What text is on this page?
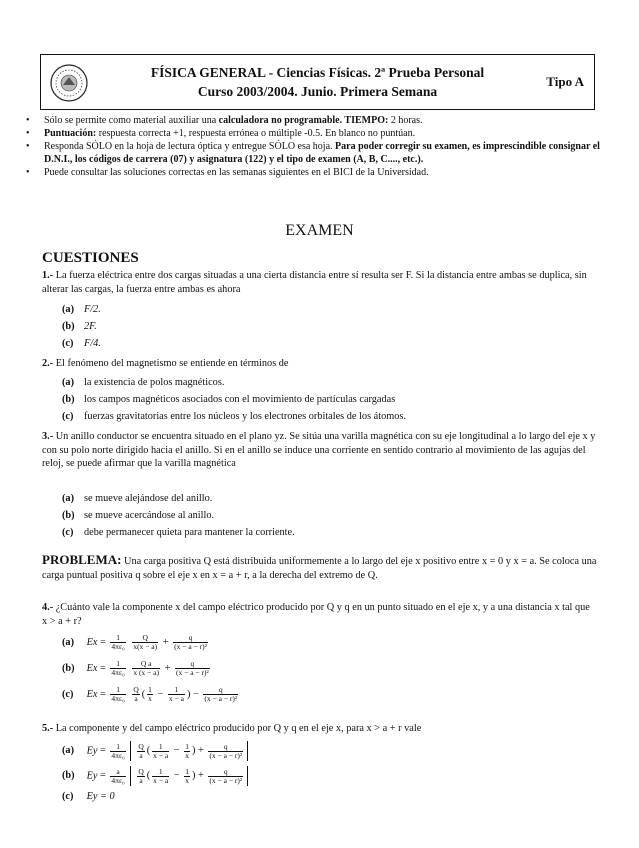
FÍSICA GENERAL - Ciencias Físicas. 2ª Prueba Personal
Curso 2003/2004. Junio. Primera Semana
Tipo A
• Sólo se permite como material auxiliar una calculadora no programable. TIEMPO: 2 horas.
• Puntuación: respuesta correcta +1, respuesta errónea o múltiple -0.5. En blanco no puntúan.
• Responda SÓLO en la hoja de lectura óptica y entregue SÓLO esa hoja. Para poder corregir su examen, es imprescindible consignar el D.N.I., los códigos de carrera (07) y asignatura (122) y el tipo de examen (A, B, C...., etc.).
• Puede consultar las soluciones correctas en las semanas siguientes en el BICI de la Universidad.
EXAMEN
CUESTIONES
1.- La fuerza eléctrica entre dos cargas situadas a una cierta distancia entre sí resulta ser F. Si la distancia entre ambas se duplica, sin alterar las cargas, la fuerza entre ambas es ahora
(a) F/2.
(b) 2F.
(c) F/4.
2.- El fenómeno del magnetismo se entiende en términos de
(a) la existencia de polos magnéticos.
(b) los campos magnéticos asociados con el movimiento de partículas cargadas
(c) fuerzas gravitatorias entre los núcleos y los electrones orbitales de los átomos.
3.- Un anillo conductor se encuentra situado en el plano yz. Se sitúa una varilla magnética con su eje longitudinal a lo largo del eje x y con su polo norte dirigido hacia el anillo. Si en el anillo se induce una corriente en sentido contrario al movimiento de las agujas del reloj, se puede afirmar que la varilla magnética
(a) se mueve alejándose del anillo.
(b) se mueve acercándose al anillo.
(c) debe permanecer quieta para mantener la corriente.
PROBLEMA: Una carga positiva Q está distribuida uniformemente a lo largo del eje x positivo entre x = 0 y x = a. Se coloca una carga puntual positiva q sobre el eje x en x = a + r, a la derecha del extremo de Q.
4.- ¿Cuánto vale la componente x del campo eléctrico producido por Q y q en un punto situado en el eje x, y a una distancia x tal que x > a + r?
(a) $Ex = \frac{1}{\text{4πε₀}}$
$\frac{Q}{x(x - a)} + \frac{q}{\text{(x − a − r)²}}$
(b) $Ex = \frac{1}{\text{4πε₀}}$
$\frac{\text{Q a}}{x (x - a)} + \frac{q}{\text{(x − a − r)²}}$
(c) $Ex = \frac{1}{\text{4πε₀}}$
$\frac{Q}{a}$ ( $\frac{1}{x} - \frac{1}{x - a}$ ) − $\frac{q}{\text{(x − a − r)²}}$
5.- La componente y del campo eléctrico producido por Q y q en el eje x, para x > a + r vale
(a) $Ey = \frac{1}{\text{4πε₀}}$
$\frac{Q}{a}$ ( $\frac{1}{x - a} - \frac{1}{x}$ ) + $\frac{q}{\text{(x − a − r)²}}$
(b) $Ey = \frac{a}{\text{4πε₀}}$
$\frac{Q}{a}$ ( $\frac{1}{x - a} - \frac{1}{x}$ ) + $\frac{q}{\text{(x − a − r)²}}$
(c) Ey = 0
